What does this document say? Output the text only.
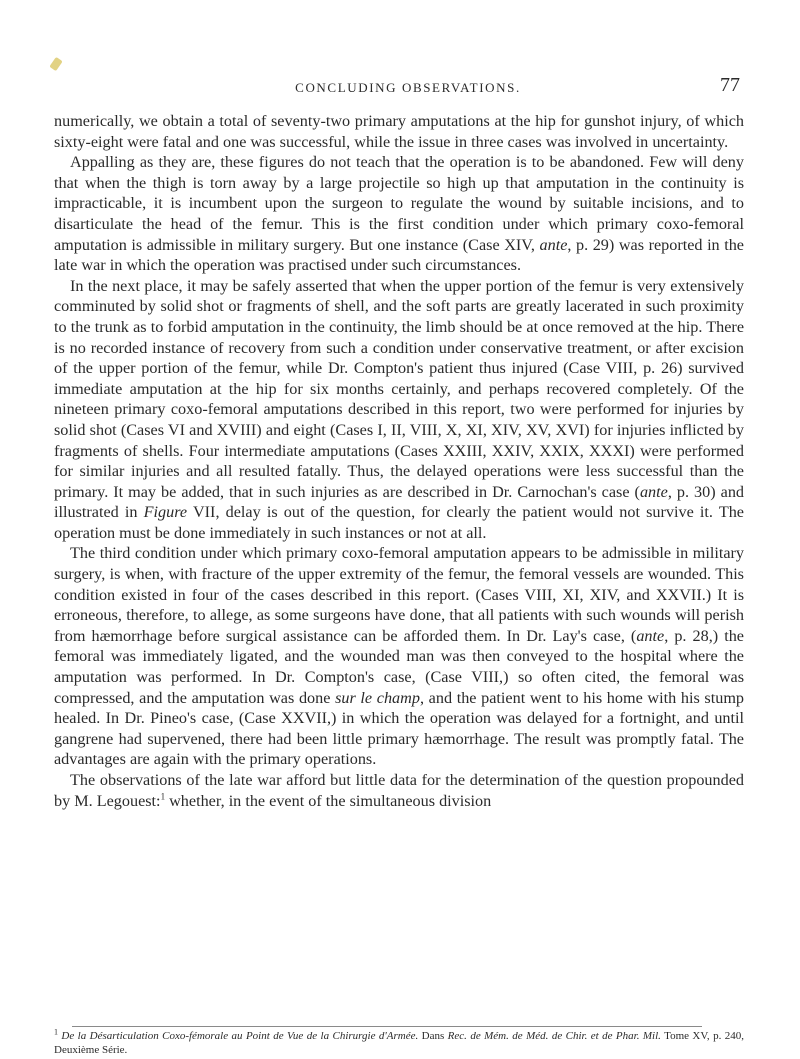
CONCLUDING OBSERVATIONS.	77

numerically, we obtain a total of seventy-two primary amputations at the hip for gunshot injury, of which sixty-eight were fatal and one was successful, while the issue in three cases was involved in uncertainty.

Appalling as they are, these figures do not teach that the operation is to be abandoned. Few will deny that when the thigh is torn away by a large projectile so high up that amputation in the continuity is impracticable, it is incumbent upon the surgeon to regulate the wound by suitable incisions, and to disarticulate the head of the femur. This is the first condition under which primary coxo-femoral amputation is admissible in military surgery. But one instance (Case XIV, ante, p. 29) was reported in the late war in which the operation was practised under such circumstances.

In the next place, it may be safely asserted that when the upper portion of the femur is very extensively comminuted by solid shot or fragments of shell, and the soft parts are greatly lacerated in such proximity to the trunk as to forbid amputation in the continuity, the limb should be at once removed at the hip. There is no recorded instance of recovery from such a condition under conservative treatment, or after excision of the upper portion of the femur, while Dr. Compton's patient thus injured (Case VIII, p. 26) survived immediate amputation at the hip for six months certainly, and perhaps recovered completely. Of the nineteen primary coxo-femoral amputations described in this report, two were performed for injuries by solid shot (Cases VI and XVIII) and eight (Cases I, II, VIII, X, XI, XIV, XV, XVI) for injuries inflicted by fragments of shells. Four intermediate amputations (Cases XXIII, XXIV, XXIX, XXXI) were performed for similar injuries and all resulted fatally. Thus, the delayed operations were less successful than the primary. It may be added, that in such injuries as are described in Dr. Carnochan's case (ante, p. 30) and illustrated in Figure VII, delay is out of the question, for clearly the patient would not survive it. The operation must be done immediately in such instances or not at all.

The third condition under which primary coxo-femoral amputation appears to be admissible in military surgery, is when, with fracture of the upper extremity of the femur, the femoral vessels are wounded. This condition existed in four of the cases described in this report. (Cases VIII, XI, XIV, and XXVII.) It is erroneous, therefore, to allege, as some surgeons have done, that all patients with such wounds will perish from hæmorrhage before surgical assistance can be afforded them. In Dr. Lay's case, (ante, p. 28,) the femoral was immediately ligated, and the wounded man was then conveyed to the hospital where the amputation was performed. In Dr. Compton's case, (Case VIII,) so often cited, the femoral was compressed, and the amputation was done sur le champ, and the patient went to his home with his stump healed. In Dr. Pineo's case, (Case XXVII,) in which the operation was delayed for a fortnight, and until gangrene had supervened, there had been little primary hæmorrhage. The result was promptly fatal. The advantages are again with the primary operations.

The observations of the late war afford but little data for the determination of the question propounded by M. Legouest:$^1$ whether, in the event of the simultaneous division

$^1$ De la Désarticulation Coxo-fémorale au Point de Vue de la Chirurgie d'Armée. Dans Rec. de Mém. de Méd. de Chir. et de Phar. Mil. Tome XV, p. 240, Deuxième Série.
